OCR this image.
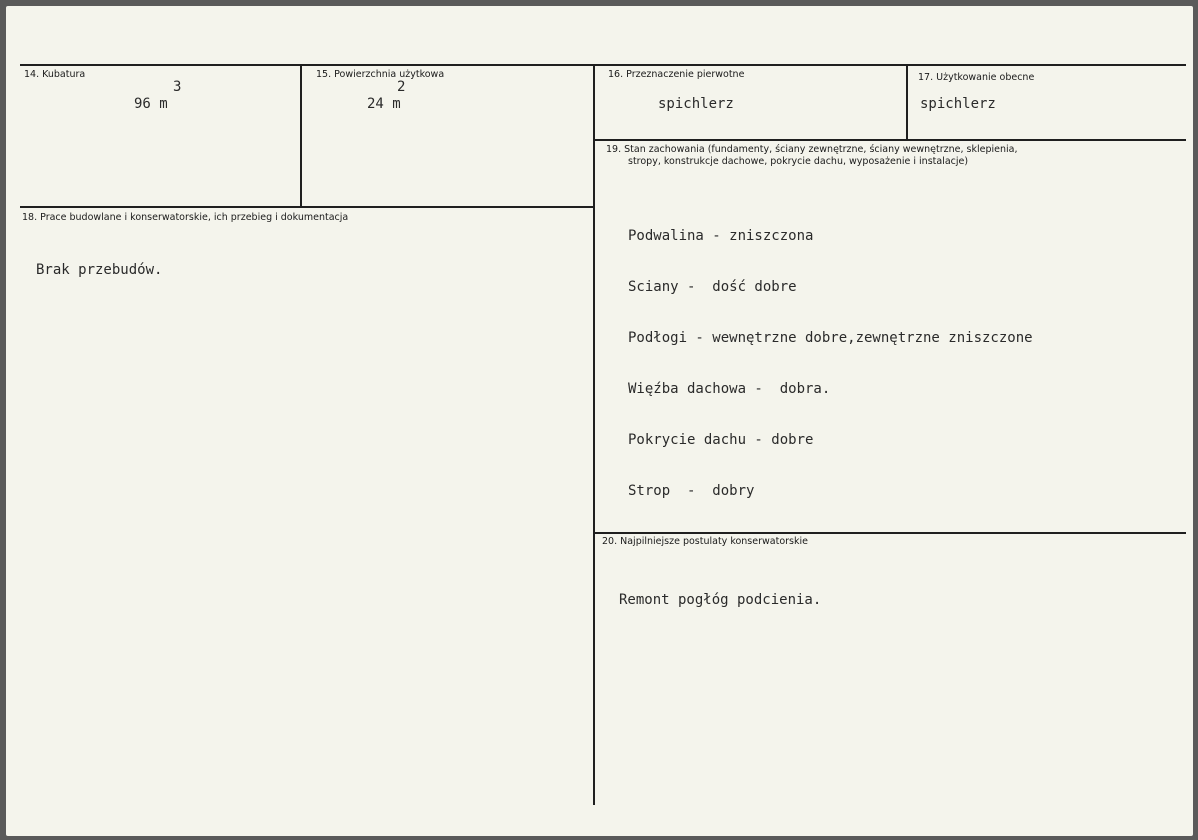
14. Kubatura
3
96 m
15. Powierzchnia użytkowa
2
24 m
16. Przeznaczenie pierwotne
spichlerz
17. Użytkowanie obecne
spichlerz
19. Stan zachowania (fundamenty, ściany zewnętrzne, ściany wewnętrzne, sklepienia,
stropy, konstrukcje dachowe, pokrycie dachu, wyposażenie i instalacje)

Podwalina - zniszczona

Sciany -  dość dobre

Podłogi - wewnętrzne dobre,zewnętrzne zniszczone

Więźba dachowa -  dobra.

Pokrycie dachu - dobre

Strop  -  dobry

18. Prace budowlane i konserwatorskie, ich przebieg i dokumentacja
Brak przebudów.
20. Najpilniejsze postulaty konserwatorskie
Remont pogłóg podcienia.
